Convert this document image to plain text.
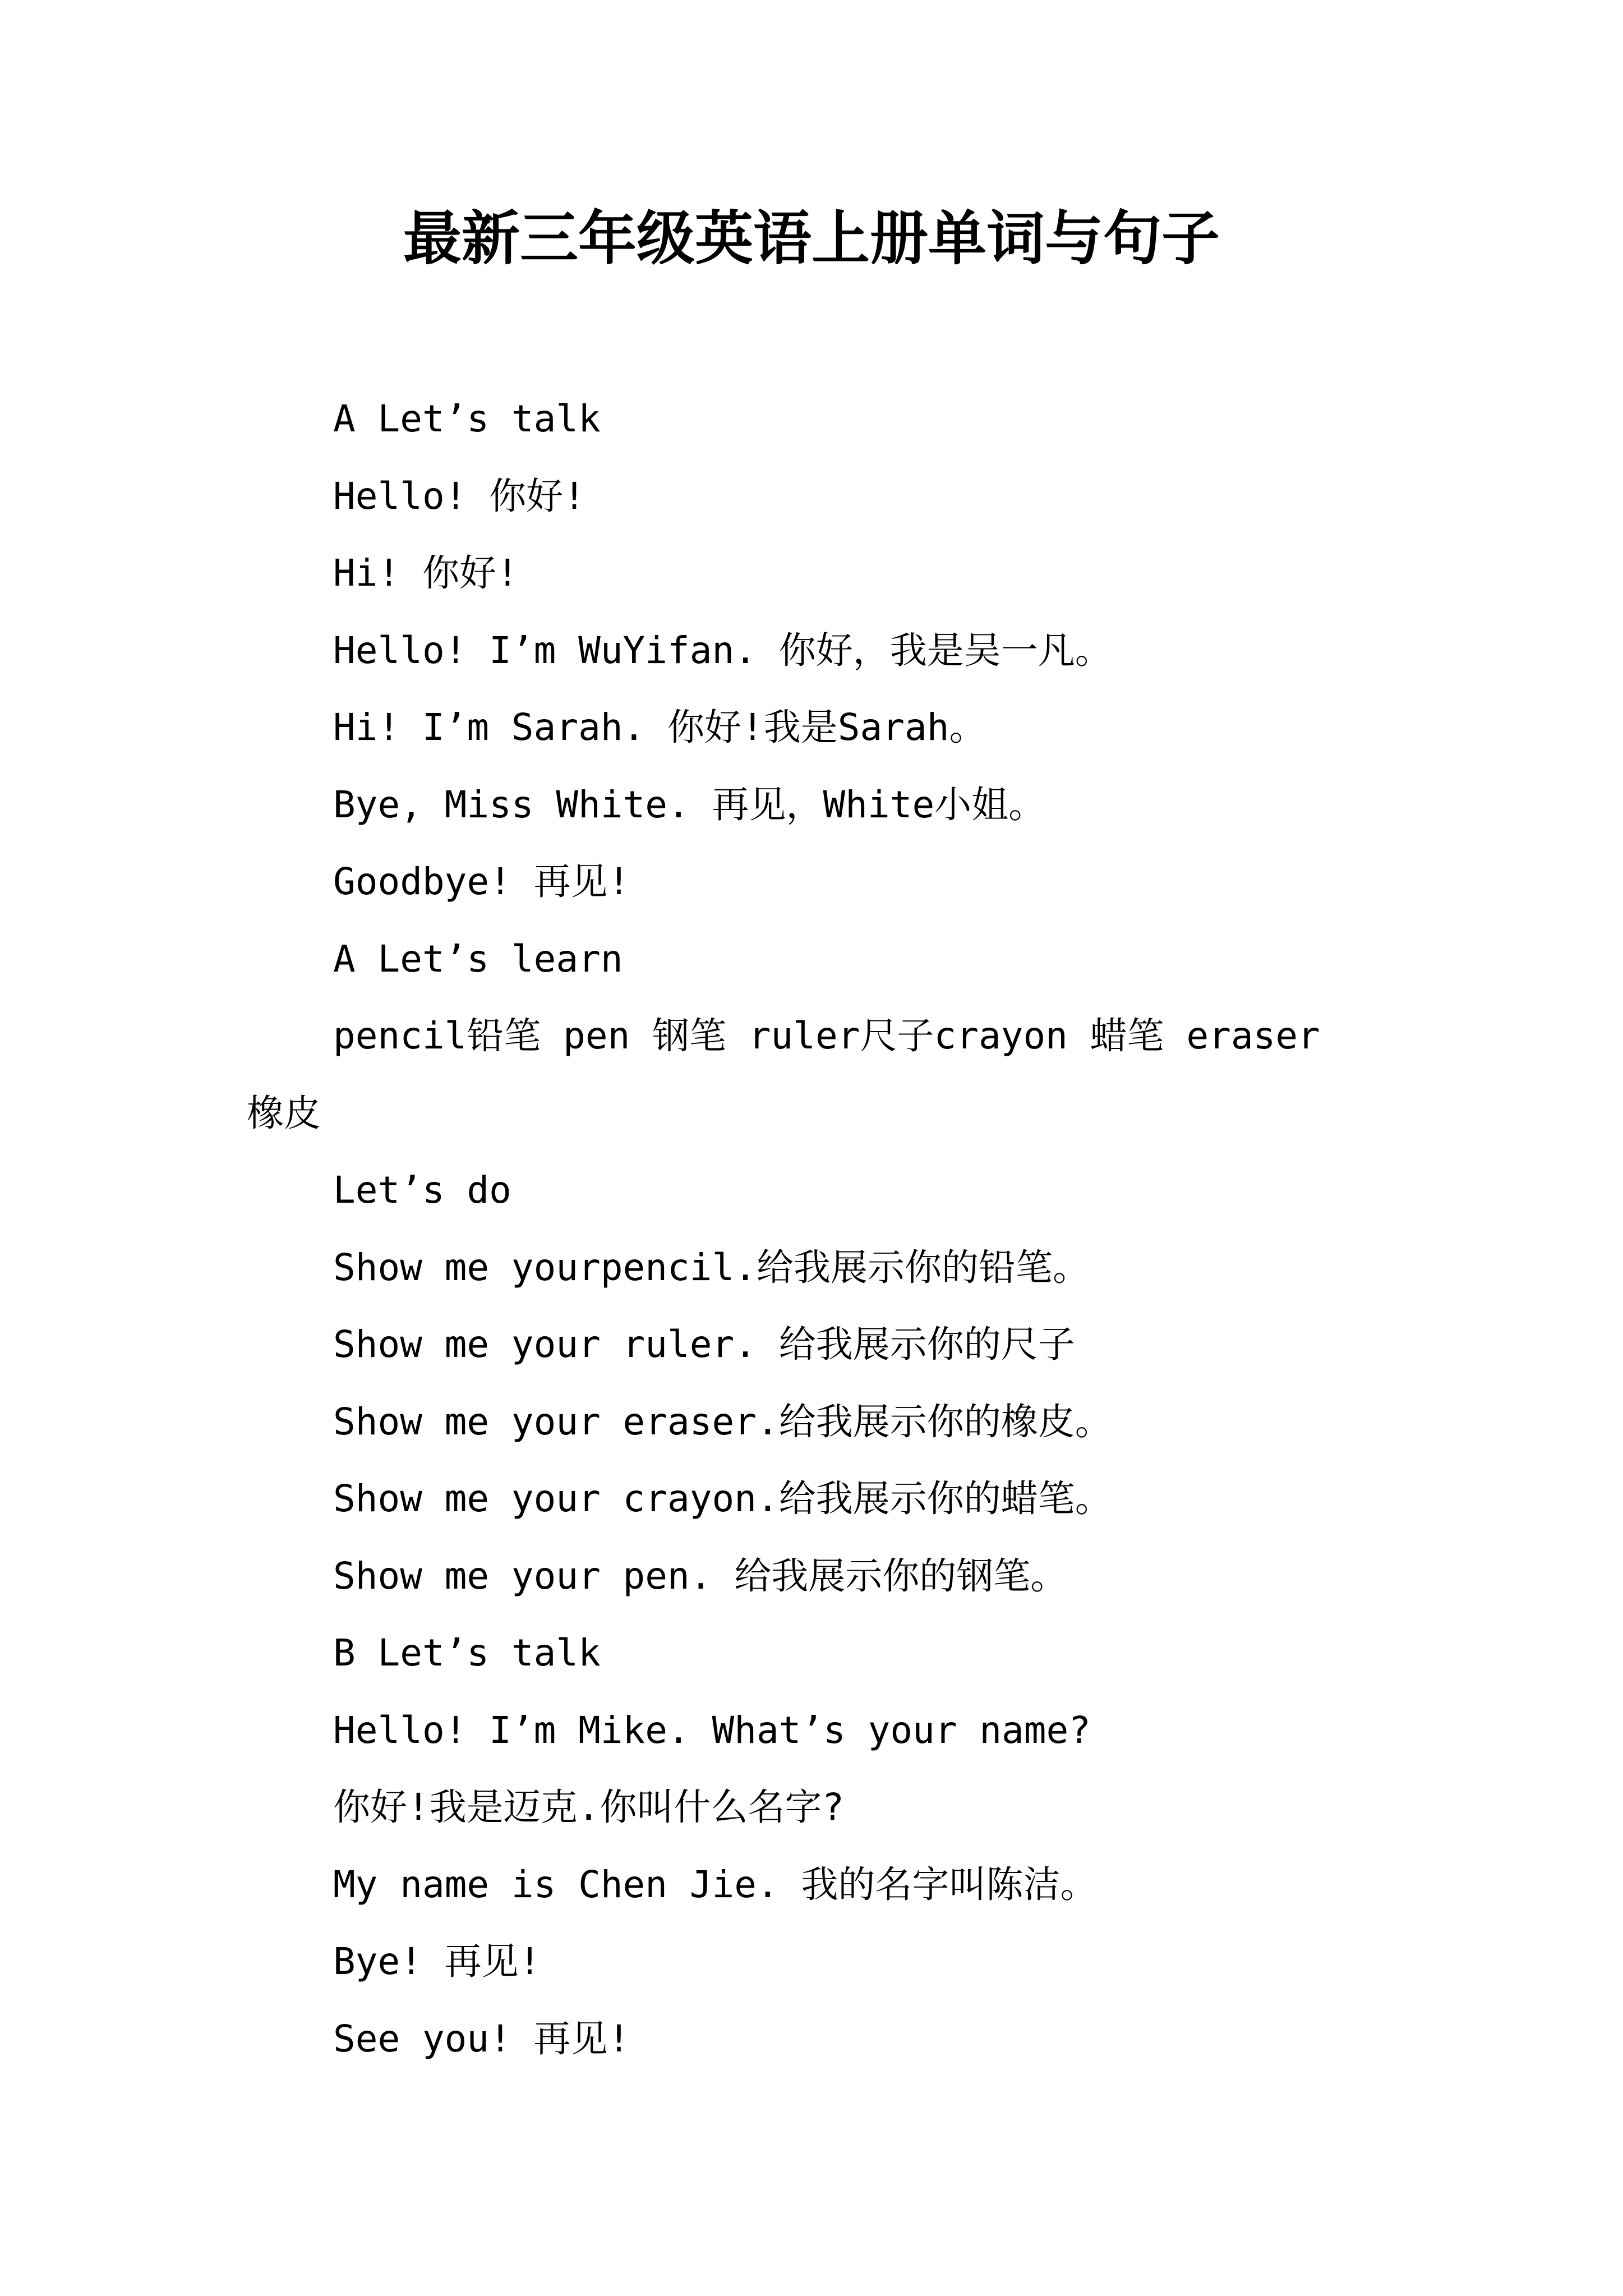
最新三年级英语上册单词与句子
A Let’s talk
Hello! 你好!
Hi! 你好!
Hello! I’m WuYifan. 你好，我是吴一凡。
Hi! I’m Sarah. 你好!我是Sarah。
Bye, Miss White. 再见，White小姐。
Goodbye! 再见!
A Let’s learn
pencil铅笔 pen 钢笔 ruler尺子crayon 蜡笔 eraser
橡皮
Let’s do
Show me yourpencil.给我展示你的铅笔。
Show me your ruler. 给我展示你的尺子
Show me your eraser.给我展示你的橡皮。
Show me your crayon.给我展示你的蜡笔。
Show me your pen. 给我展示你的钢笔。
B Let’s talk
Hello! I’m Mike. What’s your name?
你好!我是迈克.你叫什么名字?
My name is Chen Jie. 我的名字叫陈洁。
Bye! 再见!
See you! 再见!
